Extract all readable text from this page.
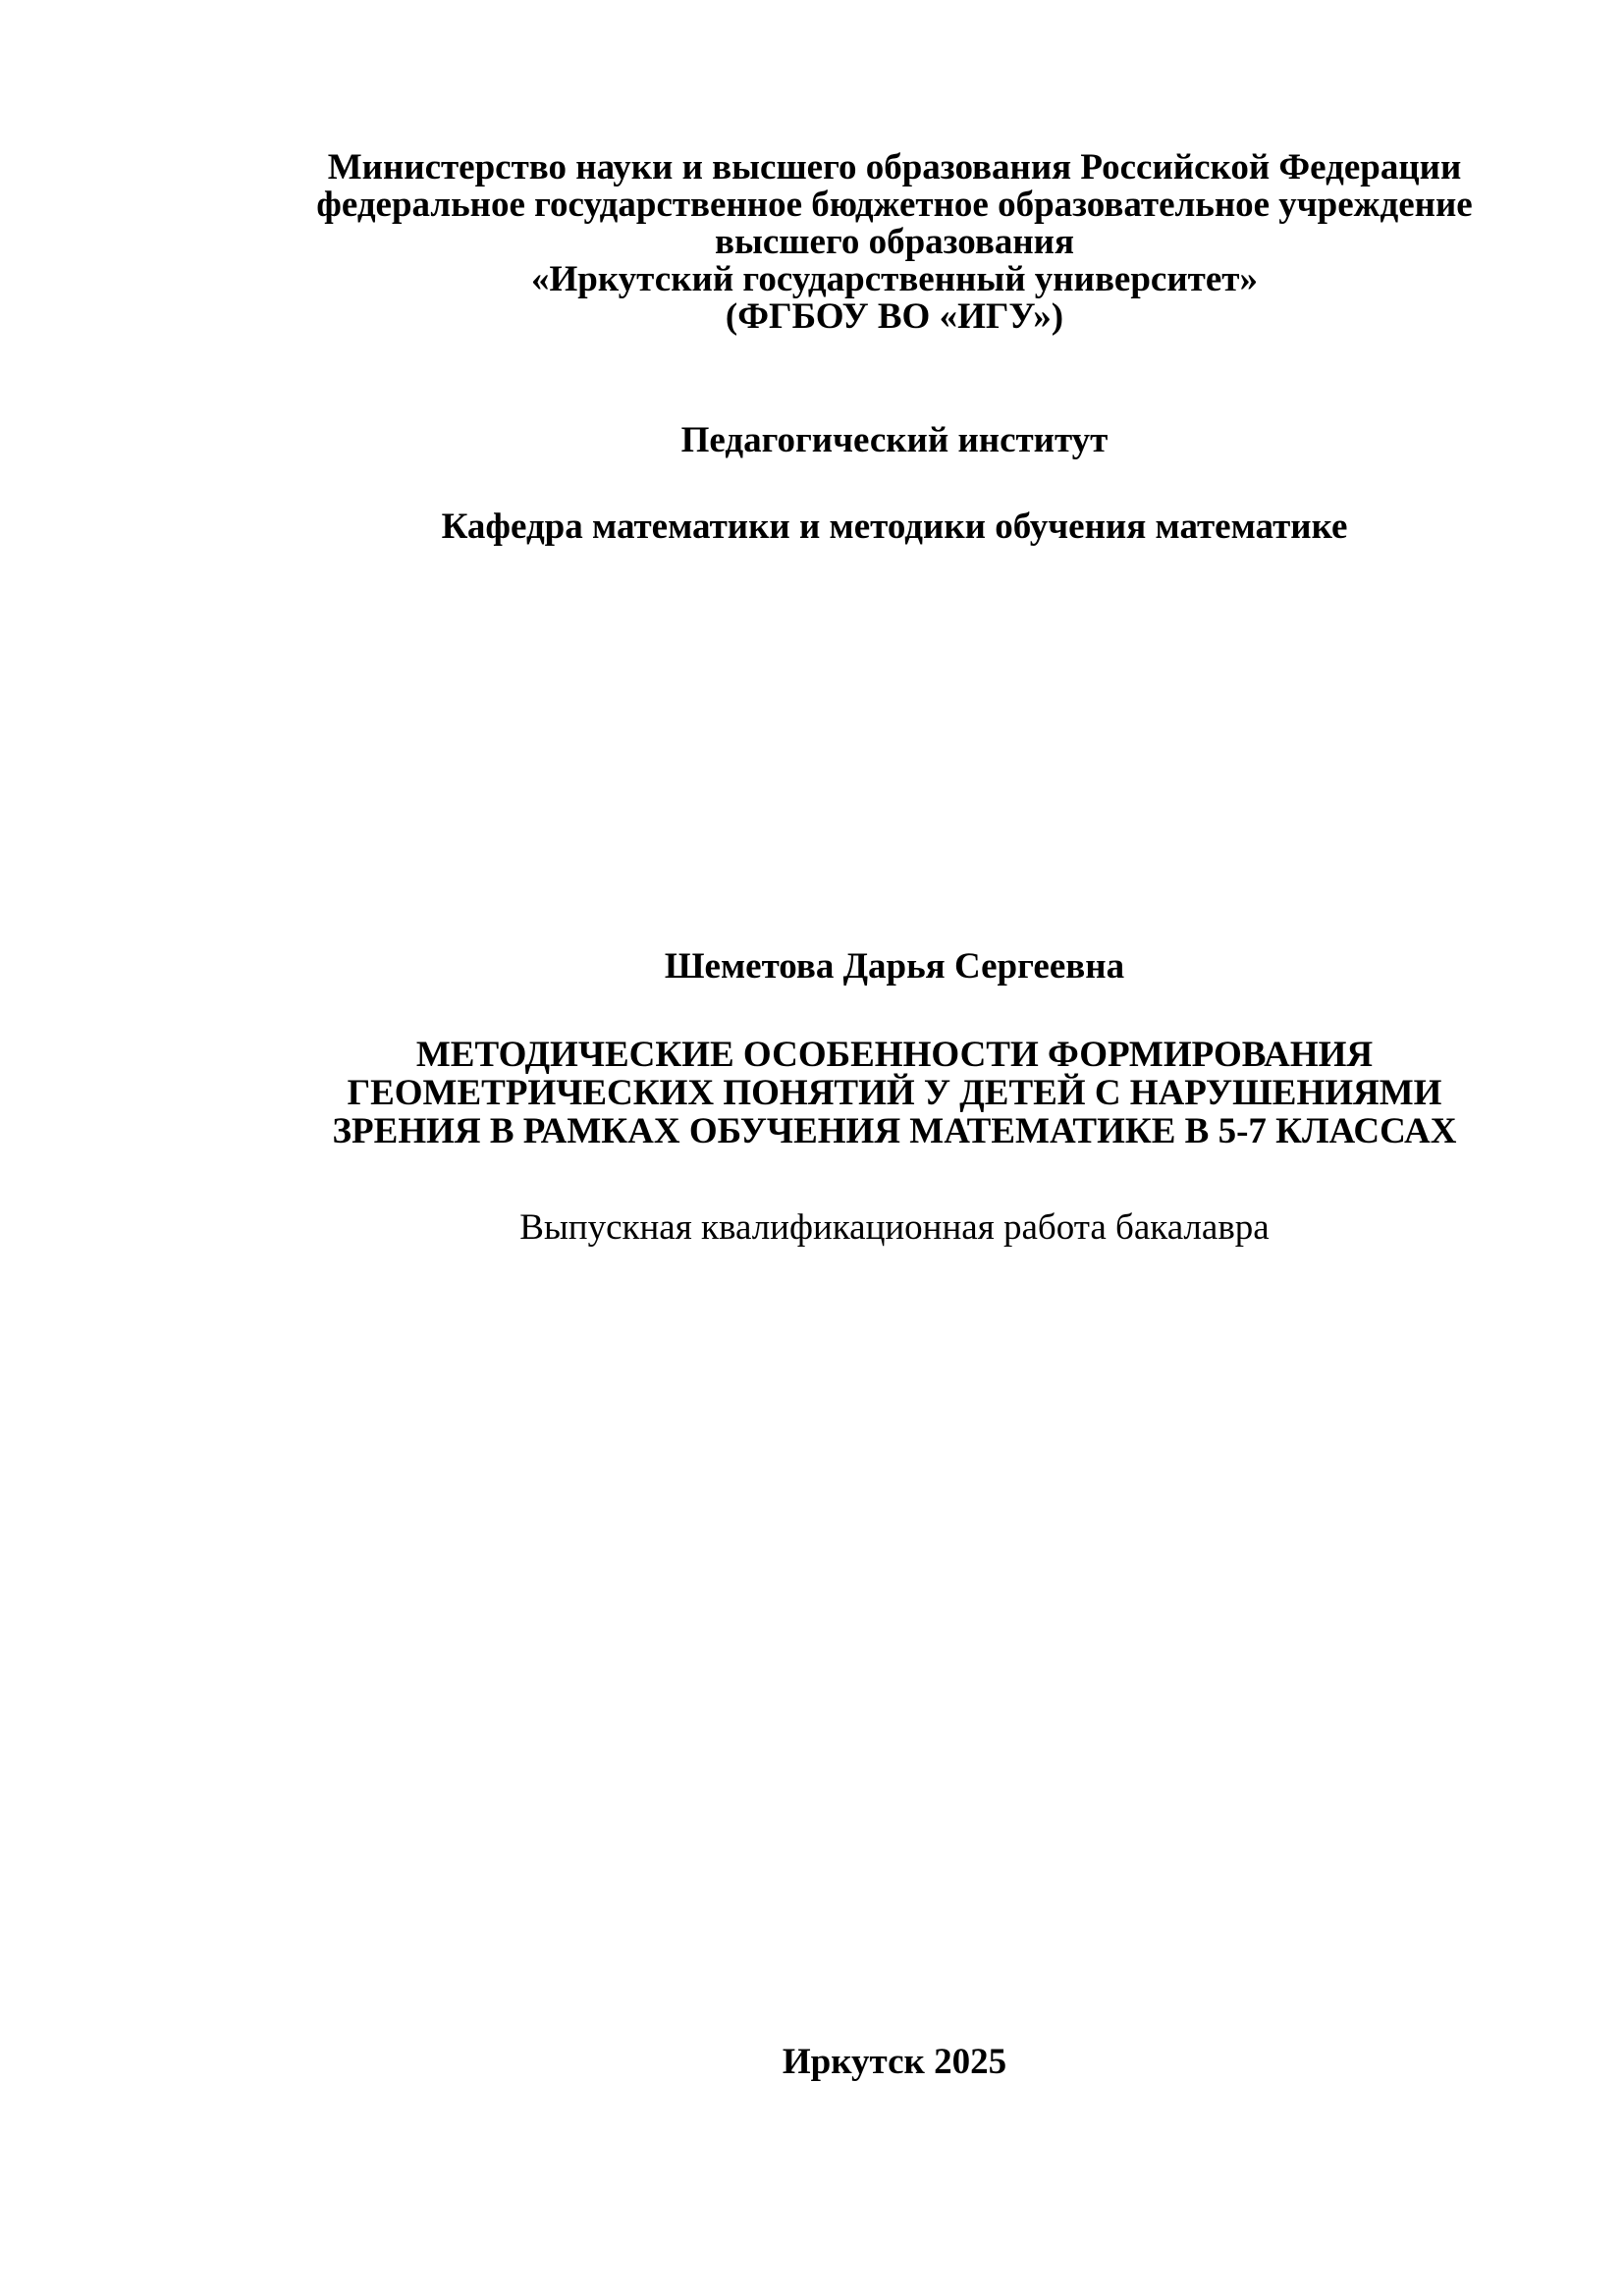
Министерство науки и высшего образования Российской Федерации
федеральное государственное бюджетное образовательное учреждение
высшего образования
«Иркутский государственный университет»
(ФГБОУ ВО «ИГУ»)
Педагогический институт
Кафедра математики и методики обучения математике
Шеметова Дарья Сергеевна
МЕТОДИЧЕСКИЕ ОСОБЕННОСТИ ФОРМИРОВАНИЯ
ГЕОМЕТРИЧЕСКИХ ПОНЯТИЙ У ДЕТЕЙ С НАРУШЕНИЯМИ
ЗРЕНИЯ В РАМКАХ ОБУЧЕНИЯ МАТЕМАТИКЕ В 5-7 КЛАССАХ
Выпускная квалификационная работа бакалавра
Иркутск 2025
